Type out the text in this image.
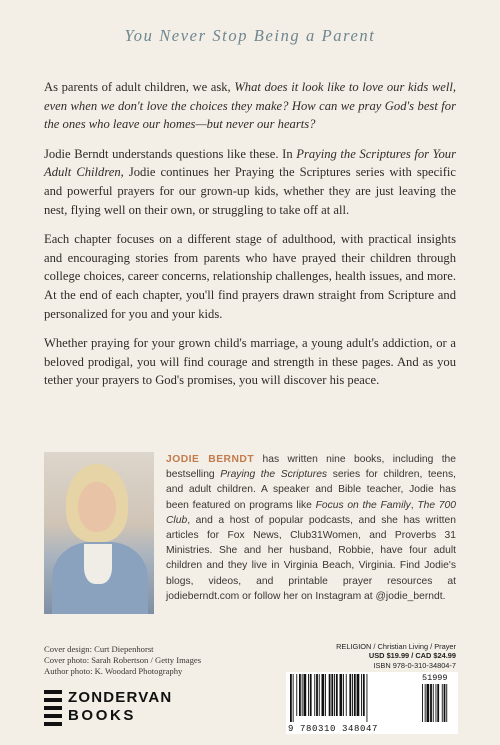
You Never Stop Being a Parent

As parents of adult children, we ask, What does it look like to love our kids well, even when we don't love the choices they make? How can we pray God's best for the ones who leave our homes—but never our hearts?

Jodie Berndt understands questions like these. In Praying the Scriptures for Your Adult Children, Jodie continues her Praying the Scriptures series with specific and powerful prayers for our grown-up kids, whether they are just leaving the nest, flying well on their own, or struggling to take off at all.

Each chapter focuses on a different stage of adulthood, with practical insights and encouraging stories from parents who have prayed their children through college choices, career concerns, relationship challenges, health issues, and more. At the end of each chapter, you'll find prayers drawn straight from Scripture and personalized for you and your kids.

Whether praying for your grown child's marriage, a young adult's addiction, or a beloved prodigal, you will find courage and strength in these pages. And as you tether your prayers to God's promises, you will discover his peace.

JODIE BERNDT has written nine books, including the bestselling Praying the Scriptures series for children, teens, and adult children. A speaker and Bible teacher, Jodie has been featured on programs like Focus on the Family, The 700 Club, and a host of popular podcasts, and she has written articles for Fox News, Club31Women, and Proverbs 31 Ministries. She and her husband, Robbie, have four adult children and they live in Virginia Beach, Virginia. Find Jodie's blogs, videos, and printable prayer resources at jodieberndt.com or follow her on Instagram at @jodie_berndt.
Cover design: Curt Diepenhorst
Cover photo: Sarah Robertson / Getty Images
Author photo: K. Woodard Photography
ZONDERVAN
BOOKS
RELIGION / Christian Living / Prayer
USD $19.99 / CAD $24.99
ISBN 978-0-310-34804-7
9 780310 348047
51999
